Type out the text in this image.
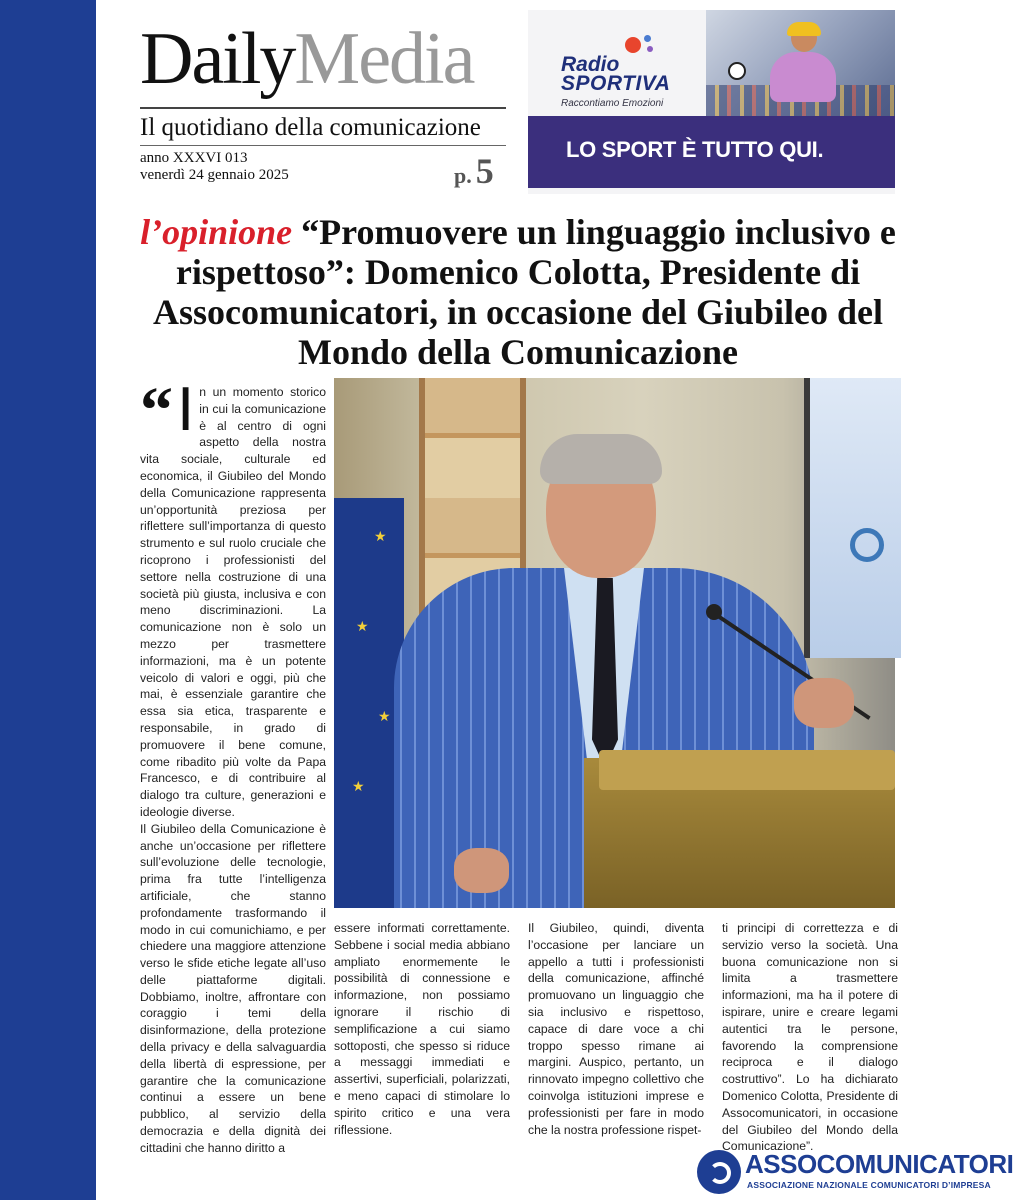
DailyMedia
Il quotidiano della comunicazione
anno XXXVI 013
venerdì 24 gennaio 2025	p. 5
Radio
SPORTIVA
Raccontiamo Emozioni
LO SPORT È TUTTO QUI.
l’opinione “Promuovere un linguaggio inclusivo e rispettoso”: Domenico Colotta, Presidente di Assocomunicatori, in occasione del Giubileo del Mondo della Comunicazione
★
★
★
★
“ I n un momento storico in cui la comunicazione è al centro di ogni aspetto della nostra vita sociale, culturale ed economica, il Giubileo del Mondo della Comunicazione rappresenta un’opportunità preziosa per riflettere sull’importanza di questo strumento e sul ruolo cruciale che ricoprono i professionisti del settore nella costruzione di una società più giusta, inclusiva e con meno discriminazioni. La comunicazione non è solo un mezzo per trasmettere informazioni, ma è un potente veicolo di valori e oggi, più che mai, è essenziale garantire che essa sia etica, trasparente e responsabile, in grado di promuovere il bene comune, come ribadito più volte da Papa Francesco, e di contribuire al dialogo tra culture, generazioni e ideologie diverse.

Il Giubileo della Comunicazione è anche un’occasione per riflettere sull’evoluzione delle tecnologie, prima fra tutte l’intelligenza artificiale, che stanno profondamente trasformando il modo in cui comunichiamo, e per chiedere una maggiore attenzione verso le sfide etiche legate all’uso delle piattaforme digitali. Dobbiamo, inoltre, affrontare con coraggio i temi della disinformazione, della protezione della privacy e della salvaguardia della libertà di espressione, per garantire che la comunicazione continui a essere un bene pubblico, al servizio della democrazia e della dignità dei cittadini che hanno diritto a

essere informati correttamente. Sebbene i social media abbiano ampliato enormemente le possibilità di connessione e informazione, non possiamo ignorare il rischio di semplificazione a cui siamo sottoposti, che spesso si riduce a messaggi immediati e assertivi, superficiali, polarizzati, e meno capaci di stimolare lo spirito critico e una vera riflessione.

Il Giubileo, quindi, diventa l’occasione per lanciare un appello a tutti i professionisti della comunicazione, affinché promuovano un linguaggio che sia inclusivo e rispettoso, capace di dare voce a chi troppo spesso rimane ai margini. Auspico, pertanto, un rinnovato impegno collettivo che coinvolga istituzioni imprese e professionisti per fare in modo che la nostra professione rispet-

ti principi di correttezza e di servizio verso la società. Una buona comunicazione non si limita a trasmettere informazioni, ma ha il potere di ispirare, unire e creare legami autentici tra le persone, favorendo la comprensione reciproca e il dialogo costruttivo”. Lo ha dichiarato Domenico Colotta, Presidente di Assocomunicatori, in occasione del Giubileo del Mondo della Comunicazione”.

ASSOCOMUNICATORI
ASSOCIAZIONE NAZIONALE COMUNICATORI D’IMPRESA
